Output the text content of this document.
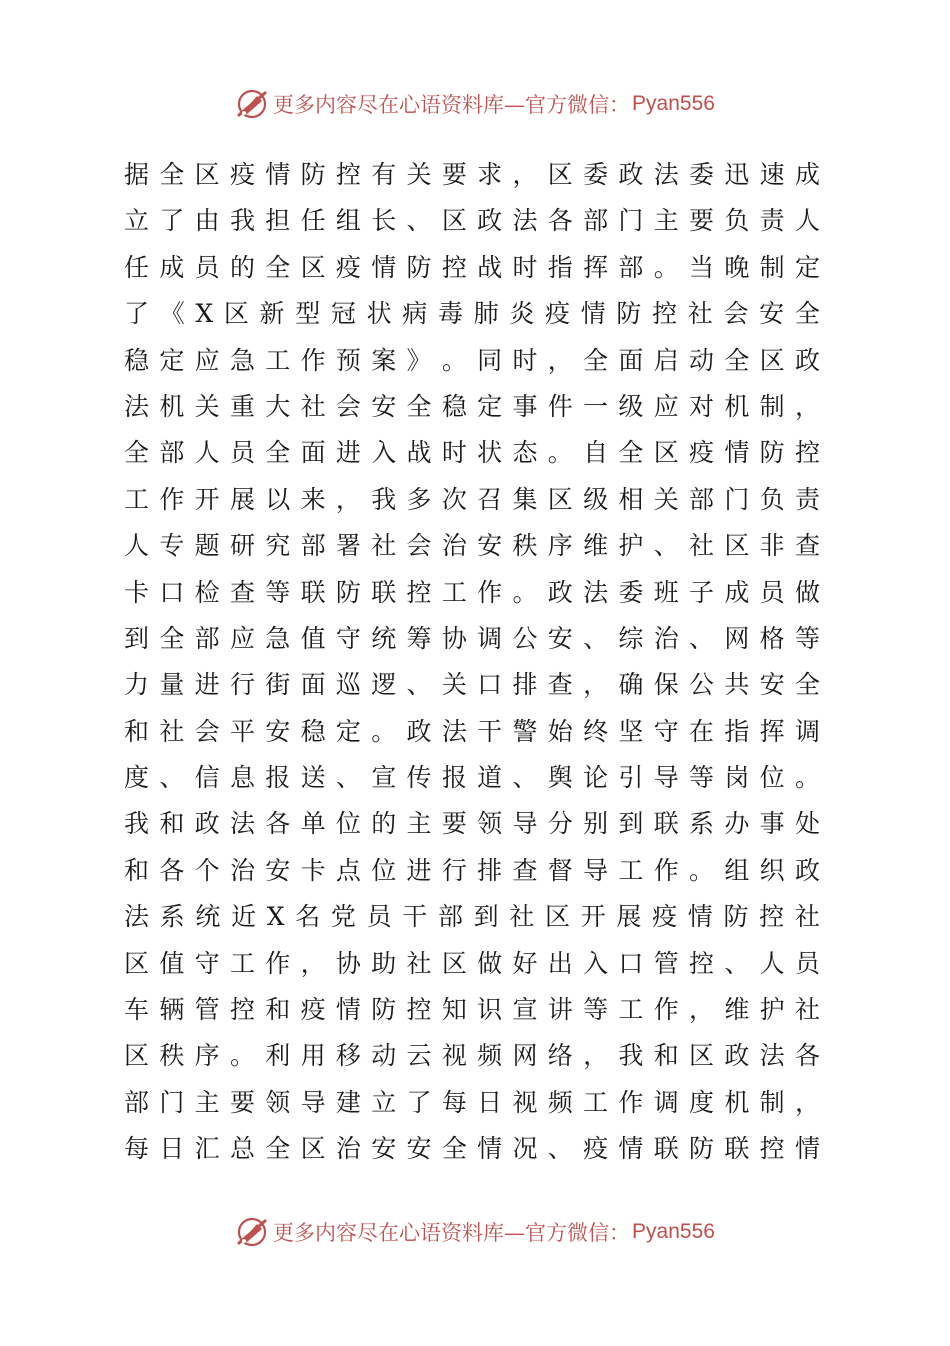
更多内容尽在心语资料库—官方微信： Pyan556
据 全 区 疫 情 防 控 有 关 要 求 ， 区 委 政 法 委 迅 速 成
立 了 由 我 担 任 组 长 、 区 政 法 各 部 门 主 要 负 责 人
任 成 员 的 全 区 疫 情 防 控 战 时 指 挥 部 。 当 晚 制 定
了 《 X 区 新 型 冠 状 病 毒 肺 炎 疫 情 防 控 社 会 安 全
稳 定 应 急 工 作 预 案 》 。 同 时 ， 全 面 启 动 全 区 政
法 机 关 重 大 社 会 安 全 稳 定 事 件 一 级 应 对 机 制 ，
全 部 人 员 全 面 进 入 战 时 状 态 。 自 全 区 疫 情 防 控
工 作 开 展 以 来 ， 我 多 次 召 集 区 级 相 关 部 门 负 责
人 专 题 研 究 部 署 社 会 治 安 秩 序 维 护 、 社 区 非 查
卡 口 检 查 等 联 防 联 控 工 作 。 政 法 委 班 子 成 员 做
到 全 部 应 急 值 守 统 筹 协 调 公 安 、 综 治 、 网 格 等
力 量 进 行 街 面 巡 逻 、 关 口 排 查 ， 确 保 公 共 安 全
和 社 会 平 安 稳 定 。 政 法 干 警 始 终 坚 守 在 指 挥 调
度 、 信 息 报 送 、 宣 传 报 道 、 舆 论 引 导 等 岗 位 。
我 和 政 法 各 单 位 的 主 要 领 导 分 别 到 联 系 办 事 处
和 各 个 治 安 卡 点 位 进 行 排 查 督 导 工 作 。 组 织 政
法 系 统 近 X 名 党 员 干 部 到 社 区 开 展 疫 情 防 控 社
区 值 守 工 作 ， 协 助 社 区 做 好 出 入 口 管 控 、 人 员
车 辆 管 控 和 疫 情 防 控 知 识 宣 讲 等 工 作 ， 维 护 社
区 秩 序 。 利 用 移 动 云 视 频 网 络 ， 我 和 区 政 法 各
部 门 主 要 领 导 建 立 了 每 日 视 频 工 作 调 度 机 制 ，
每 日 汇 总 全 区 治 安 安 全 情 况 、 疫 情 联 防 联 控 情
更多内容尽在心语资料库—官方微信： Pyan556
